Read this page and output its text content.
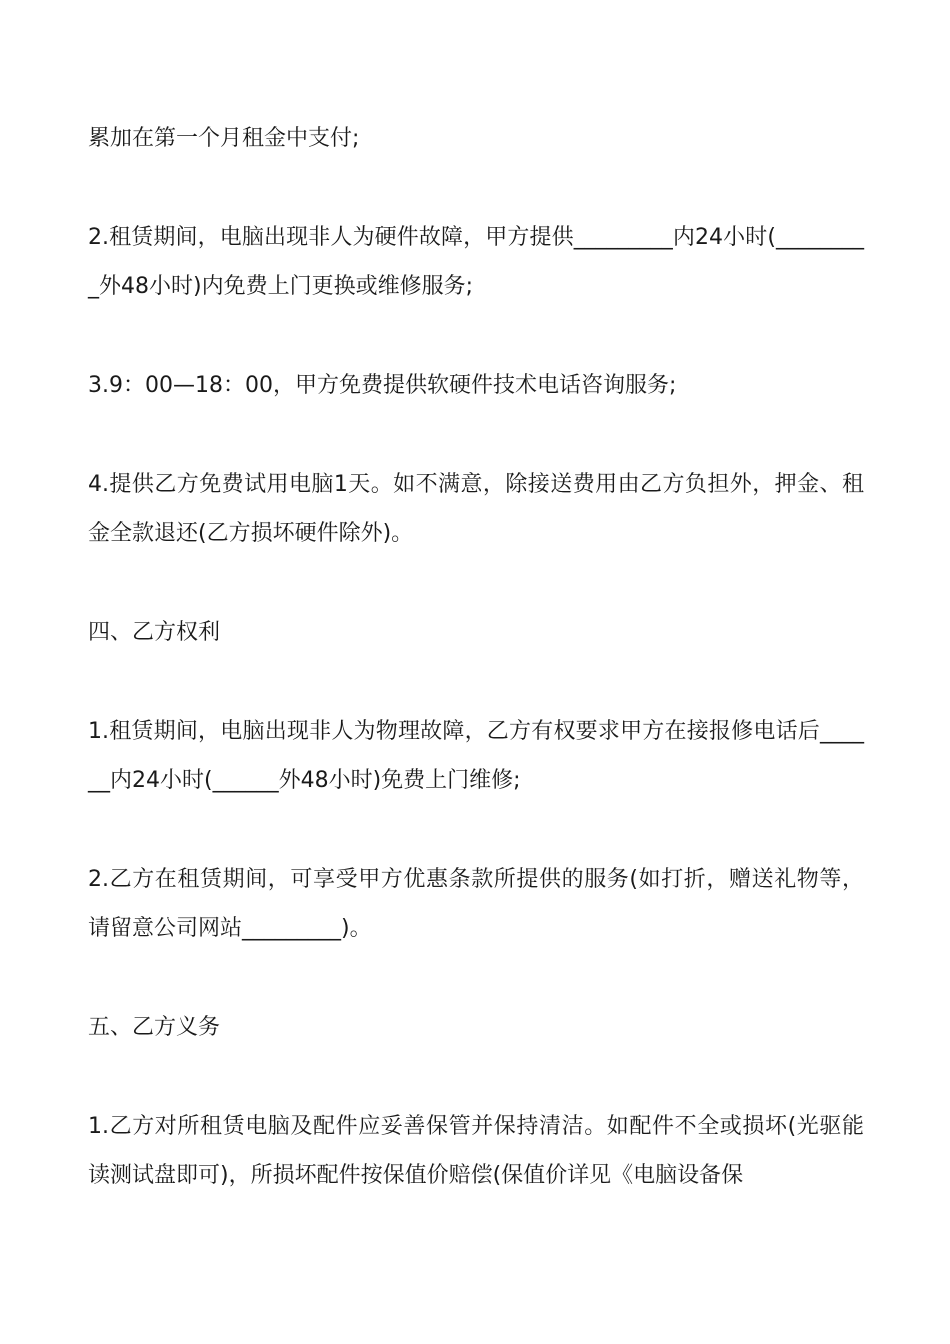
累加在第一个月租金中支付;

2.租赁期间，电脑出现非人为硬件故障，甲方提供_________内24小时(_________外48小时)内免费上门更换或维修服务;

3.9：00—18：00，甲方免费提供软硬件技术电话咨询服务;

4.提供乙方免费试用电脑1天。如不满意，除接送费用由乙方负担外，押金、租金全款退还(乙方损坏硬件除外)。

四、乙方权利

1.租赁期间，电脑出现非人为物理故障，乙方有权要求甲方在接报修电话后______内24小时(______外48小时)免费上门维修;

2.乙方在租赁期间，可享受甲方优惠条款所提供的服务(如打折，赠送礼物等，请留意公司网站_________)。

五、乙方义务

1.乙方对所租赁电脑及配件应妥善保管并保持清洁。如配件不全或损坏(光驱能读测试盘即可)，所损坏配件按保值价赔偿(保值价详见《电脑设备保
